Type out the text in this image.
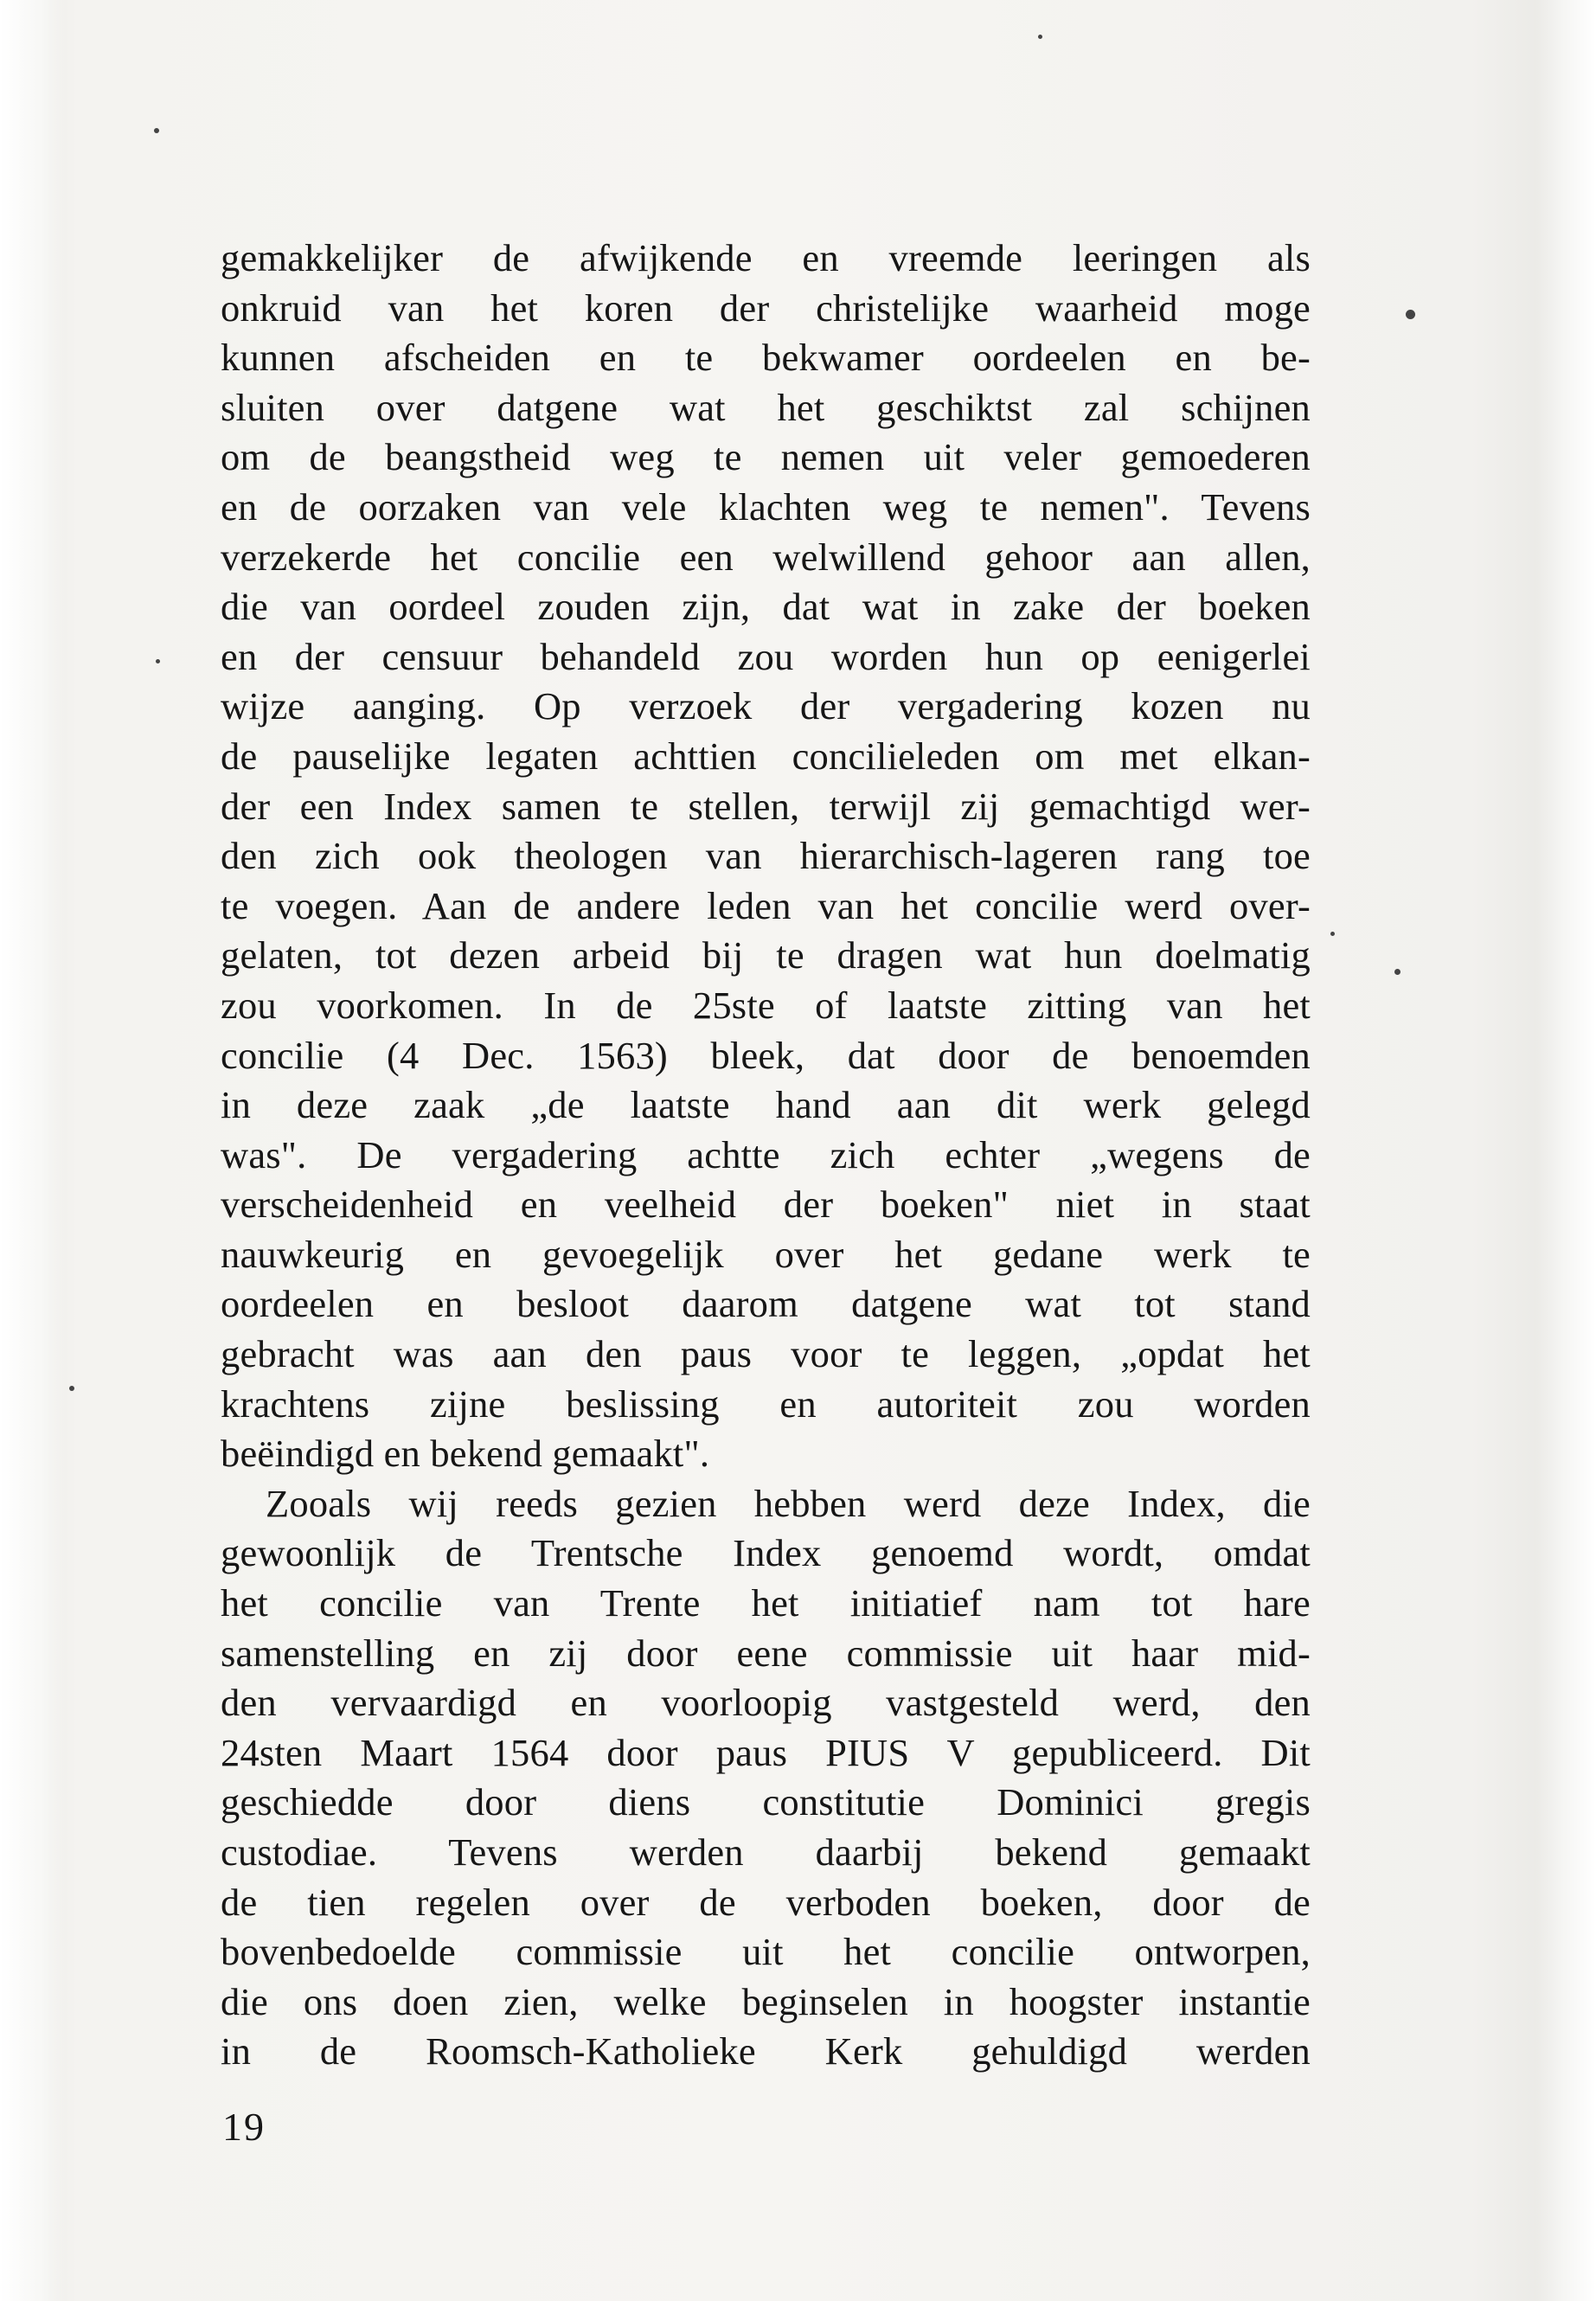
gemakkelijker de afwijkende en vreemde leeringen als
onkruid van het koren der christelijke waarheid moge
kunnen afscheiden en te bekwamer oordeelen en be-
sluiten over datgene wat het geschiktst zal schijnen
om de beangstheid weg te nemen uit veler gemoederen
en de oorzaken van vele klachten weg te nemen". Tevens
verzekerde het concilie een welwillend gehoor aan allen,
die van oordeel zouden zijn, dat wat in zake der boeken
en der censuur behandeld zou worden hun op eenigerlei
wijze aanging. Op verzoek der vergadering kozen nu
de pauselijke legaten achttien concilieleden om met elkan-
der een Index samen te stellen, terwijl zij gemachtigd wer-
den zich ook theologen van hierarchisch-lageren rang toe
te voegen. Aan de andere leden van het concilie werd over-
gelaten, tot dezen arbeid bij te dragen wat hun doelmatig
zou voorkomen. In de 25ste of laatste zitting van het
concilie (4 Dec. 1563) bleek, dat door de benoemden
in deze zaak „de laatste hand aan dit werk gelegd
was". De vergadering achtte zich echter „wegens de
verscheidenheid en veelheid der boeken" niet in staat
nauwkeurig en gevoegelijk over het gedane werk te
oordeelen en besloot daarom datgene wat tot stand
gebracht was aan den paus voor te leggen, „opdat het
krachtens zijne beslissing en autoriteit zou worden
beëindigd en bekend gemaakt".
Zooals wij reeds gezien hebben werd deze Index, die
gewoonlijk de Trentsche Index genoemd wordt, omdat
het concilie van Trente het initiatief nam tot hare
samenstelling en zij door eene commissie uit haar mid-
den vervaardigd en voorloopig vastgesteld werd, den
24sten Maart 1564 door paus PIUS V gepubliceerd. Dit
geschiedde door diens constitutie Dominici gregis
custodiae. Tevens werden daarbij bekend gemaakt
de tien regelen over de verboden boeken, door de
bovenbedoelde commissie uit het concilie ontworpen,
die ons doen zien, welke beginselen in hoogster instantie
in de Roomsch-Katholieke Kerk gehuldigd werden
19
